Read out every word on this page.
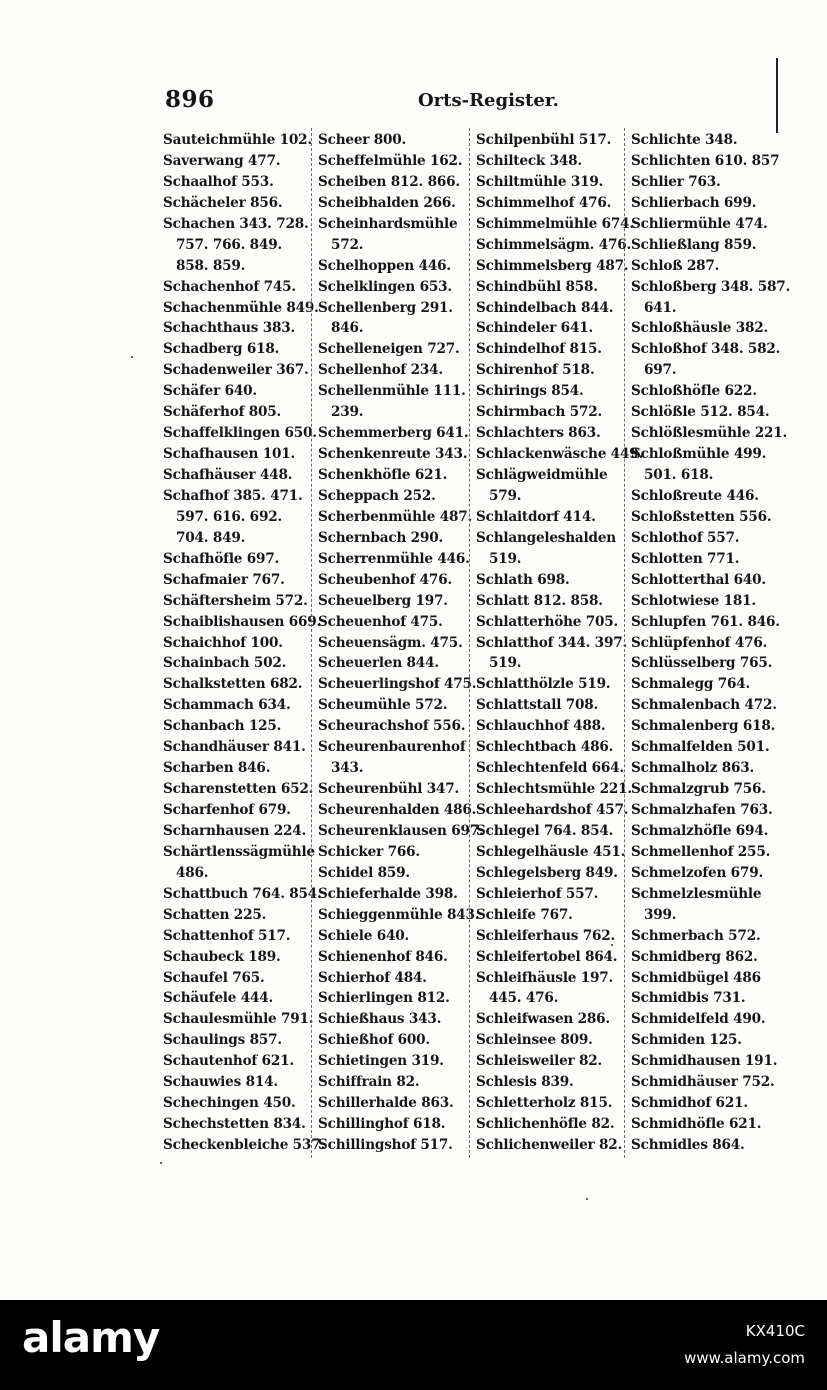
896	Orts-Register.
Sauteichmühle 102.
Saverwang 477.
Schaalhof 553.
Schächeler 856.
Schachen 343. 728.
757. 766. 849.
858. 859.
Schachenhof 745.
Schachenmühle 849.
Schachthaus 383.
Schadberg 618.
Schadenweiler 367.
Schäfer 640.
Schäferhof 805.
Schaffelklingen 650.
Schafhausen 101.
Schafhäuser 448.
Schafhof 385. 471.
597. 616. 692.
704. 849.
Schafhöfle 697.
Schafmaier 767.
Schäftersheim 572.
Schaiblishausen 669.
Schaichhof 100.
Schainbach 502.
Schalkstetten 682.
Schammach 634.
Schanbach 125.
Schandhäuser 841.
Scharben 846.
Scharenstetten 652.
Scharfenhof 679.
Scharnhausen 224.
Schärtlenssägmühle
486.
Schattbuch 764. 854.
Schatten 225.
Schattenhof 517.
Schaubeck 189.
Schaufel 765.
Schäufele 444.
Schaulesmühle 791.
Schaulings 857.
Schautenhof 621.
Schauwies 814.
Schechingen 450.
Schechstetten 834.
Scheckenbleiche 537.
Scheer 800.
Scheffelmühle 162.
Scheiben 812. 866.
Scheibhalden 266.
Scheinhardsmühle
572.
Schelhoppen 446.
Schelklingen 653.
Schellenberg 291.
846.
Schelleneigen 727.
Schellenhof 234.
Schellenmühle 111.
239.
Schemmerberg 641.
Schenkenreute 343.
Schenkhöfle 621.
Scheppach 252.
Scherbenmühle 487.
Schernbach 290.
Scherrenmühle 446.
Scheubenhof 476.
Scheuelberg 197.
Scheuenhof 475.
Scheuensägm. 475.
Scheuerlen 844.
Scheuerlingshof 475.
Scheumühle 572.
Scheurachshof 556.
Scheurenbaurenhof
343.
Scheurenbühl 347.
Scheurenhalden 486.
Scheurenklausen 697.
Schicker 766.
Schidel 859.
Schieferhalde 398.
Schieggenmühle 843.
Schiele 640.
Schienenhof 846.
Schierhof 484.
Schierlingen 812.
Schießhaus 343.
Schießhof 600.
Schietingen 319.
Schiffrain 82.
Schillerhalde 863.
Schillinghof 618.
Schillingshof 517.
Schilpenbühl 517.
Schilteck 348.
Schiltmühle 319.
Schimmelhof 476.
Schimmelmühle 674.
Schimmelsägm. 476.
Schimmelsberg 487.
Schindbühl 858.
Schindelbach 844.
Schindeler 641.
Schindelhof 815.
Schirenhof 518.
Schirings 854.
Schirmbach 572.
Schlachters 863.
Schlackenwäsche 449.
Schlägweidmühle
579.
Schlaitdorf 414.
Schlangeleshalden
519.
Schlath 698.
Schlatt 812. 858.
Schlatterhöhe 705.
Schlatthof 344. 397.
519.
Schlatthölzle 519.
Schlattstall 708.
Schlauchhof 488.
Schlechtbach 486.
Schlechtenfeld 664.
Schlechtsmühle 221.
Schleehardshof 457.
Schlegel 764. 854.
Schlegelhäusle 451.
Schlegelsberg 849.
Schleierhof 557.
Schleife 767.
Schleiferhaus 762.
Schleifertobel 864.
Schleifhäusle 197.
445. 476.
Schleifwasen 286.
Schleinsee 809.
Schleisweiler 82.
Schlesis 839.
Schletterholz 815.
Schlichenhöfle 82.
Schlichenweiler 82.
Schlichte 348.
Schlichten 610. 857
Schlier 763.
Schlierbach 699.
Schliermühle 474.
Schließlang 859.
Schloß 287.
Schloßberg 348. 587.
641.
Schloßhäusle 382.
Schloßhof 348. 582.
697.
Schloßhöfle 622.
Schlößle 512. 854.
Schlößlesmühle 221.
Schloßmühle 499.
501. 618.
Schloßreute 446.
Schloßstetten 556.
Schlothof 557.
Schlotten 771.
Schlotterthal 640.
Schlotwiese 181.
Schlupfen 761. 846.
Schlüpfenhof 476.
Schlüsselberg 765.
Schmalegg 764.
Schmalenbach 472.
Schmalenberg 618.
Schmalfelden 501.
Schmalholz 863.
Schmalzgrub 756.
Schmalzhafen 763.
Schmalzhöfle 694.
Schmellenhof 255.
Schmelzofen 679.
Schmelzlesmühle
399.
Schmerbach 572.
Schmidberg 862.
Schmidbügel 486
Schmidbis 731.
Schmidelfeld 490.
Schmiden 125.
Schmidhausen 191.
Schmidhäuser 752.
Schmidhof 621.
Schmidhöfle 621.
Schmidles 864.
alamy	KX410C
www.alamy.com
